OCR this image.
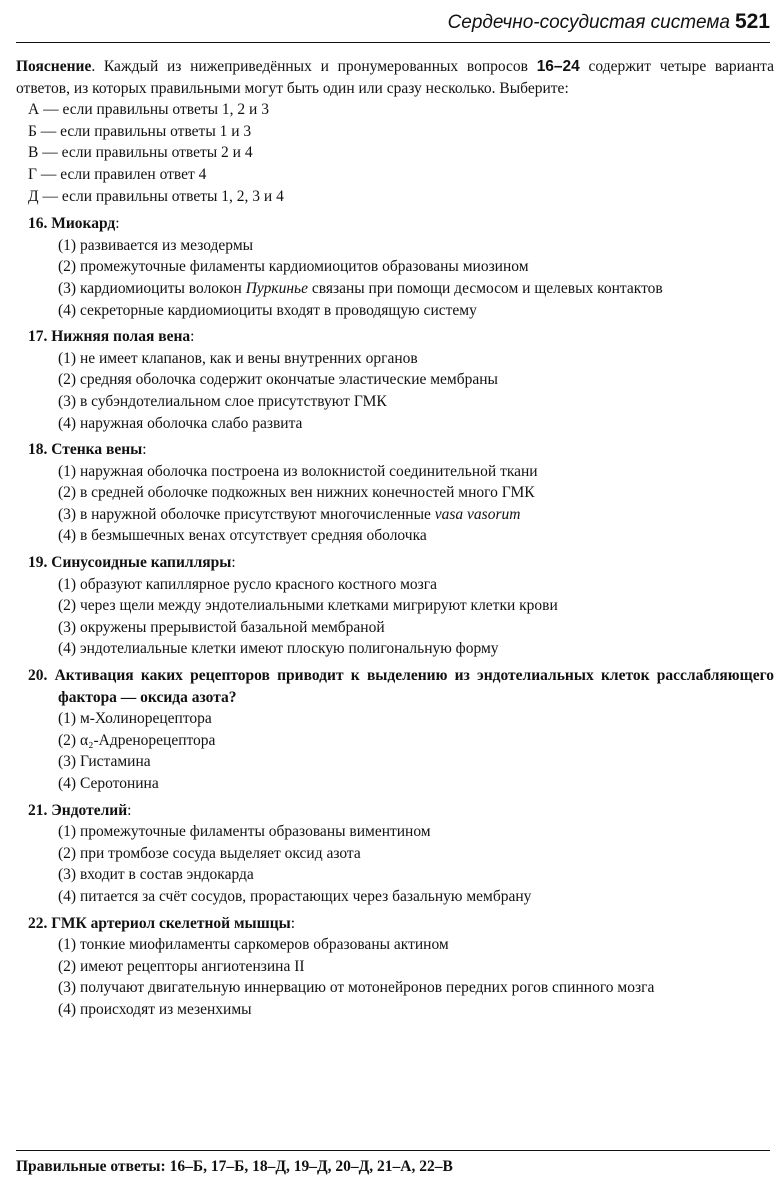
Сердечно-сосудистая система 521

Пояснение. Каждый из нижеприведённых и пронумерованных вопросов 16–24 содержит четыре варианта ответов, из которых правильными могут быть один или сразу несколько. Выберите:

А — если правильны ответы 1, 2 и 3
Б — если правильны ответы 1 и 3
В — если правильны ответы 2 и 4
Г — если правилен ответ 4
Д — если правильны ответы 1, 2, 3 и 4
16. Миокард:
(1) развивается из мезодермы
(2) промежуточные филаменты кардиомиоцитов образованы миозином
(3) кардиомиоциты волокон Пуркинье связаны при помощи десмосом и щелевых контактов
(4) секреторные кардиомиоциты входят в проводящую систему
17. Нижняя полая вена:
(1) не имеет клапанов, как и вены внутренних органов
(2) средняя оболочка содержит окончатые эластические мембраны
(3) в субэндотелиальном слое присутствуют ГМК
(4) наружная оболочка слабо развита
18. Стенка вены:
(1) наружная оболочка построена из волокнистой соединительной ткани
(2) в средней оболочке подкожных вен нижних конечностей много ГМК
(3) в наружной оболочке присутствуют многочисленные vasa vasorum
(4) в безмышечных венах отсутствует средняя оболочка
19. Синусоидные капилляры:
(1) образуют капиллярное русло красного костного мозга
(2) через щели между эндотелиальными клетками мигрируют клетки крови
(3) окружены прерывистой базальной мембраной
(4) эндотелиальные клетки имеют плоскую полигональную форму
20. Активация каких рецепторов приводит к выделению из эндотелиальных клеток расслабляющего фактора — оксида азота?
(1) м-Холинорецептора
(2) α₂-Адренорецептора
(3) Гистамина
(4) Серотонина
21. Эндотелий:
(1) промежуточные филаменты образованы виментином
(2) при тромбозе сосуда выделяет оксид азота
(3) входит в состав эндокарда
(4) питается за счёт сосудов, прорастающих через базальную мембрану
22. ГМК артериол скелетной мышцы:
(1) тонкие миофиламенты саркомеров образованы актином
(2) имеют рецепторы ангиотензина II
(3) получают двигательную иннервацию от мотонейронов передних рогов спинного мозга
(4) происходят из мезенхимы
Правильные ответы: 16–Б, 17–Б, 18–Д, 19–Д, 20–Д, 21–А, 22–В
